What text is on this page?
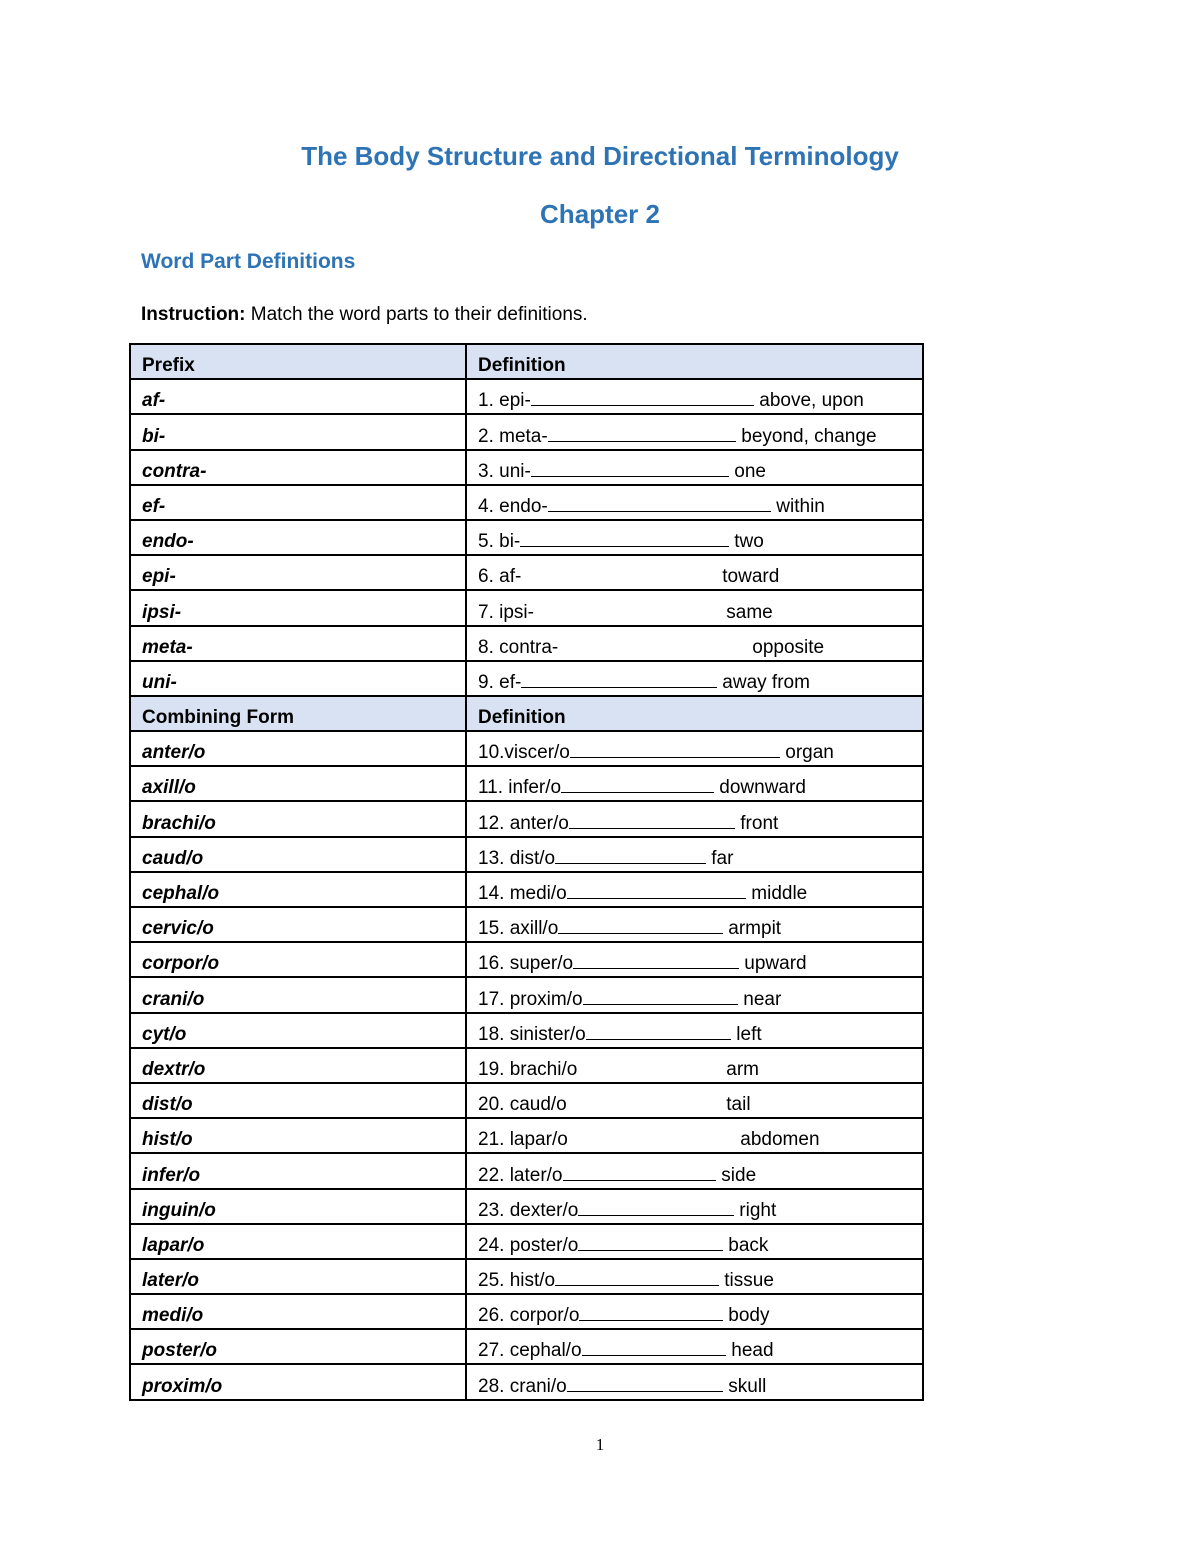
The Body Structure and Directional Terminology
Chapter 2
Word Part Definitions
Instruction: Match the word parts to their definitions.
Prefix	Definition
af-	1. epi- above, upon
bi-	2. meta- beyond, change
contra-	3. uni- one
ef-	4. endo- within
endo-	5. bi- two
epi-	6. af- toward
ipsi-	7. ipsi- same
meta-	8. contra- opposite
uni-	9. ef- away from
Combining Form	Definition
anter/o	10.viscer/o organ
axill/o	11. infer/o downward
brachi/o	12. anter/o front
caud/o	13. dist/o far
cephal/o	14. medi/o middle
cervic/o	15. axill/o armpit
corpor/o	16. super/o upward
crani/o	17. proxim/o near
cyt/o	18. sinister/o left
dextr/o	19. brachi/o arm
dist/o	20. caud/o tail
hist/o	21. lapar/o abdomen
infer/o	22. later/o side
inguin/o	23. dexter/o right
lapar/o	24. poster/o back
later/o	25. hist/o tissue
medi/o	26. corpor/o body
poster/o	27. cephal/o head
proxim/o	28. crani/o skull
1
